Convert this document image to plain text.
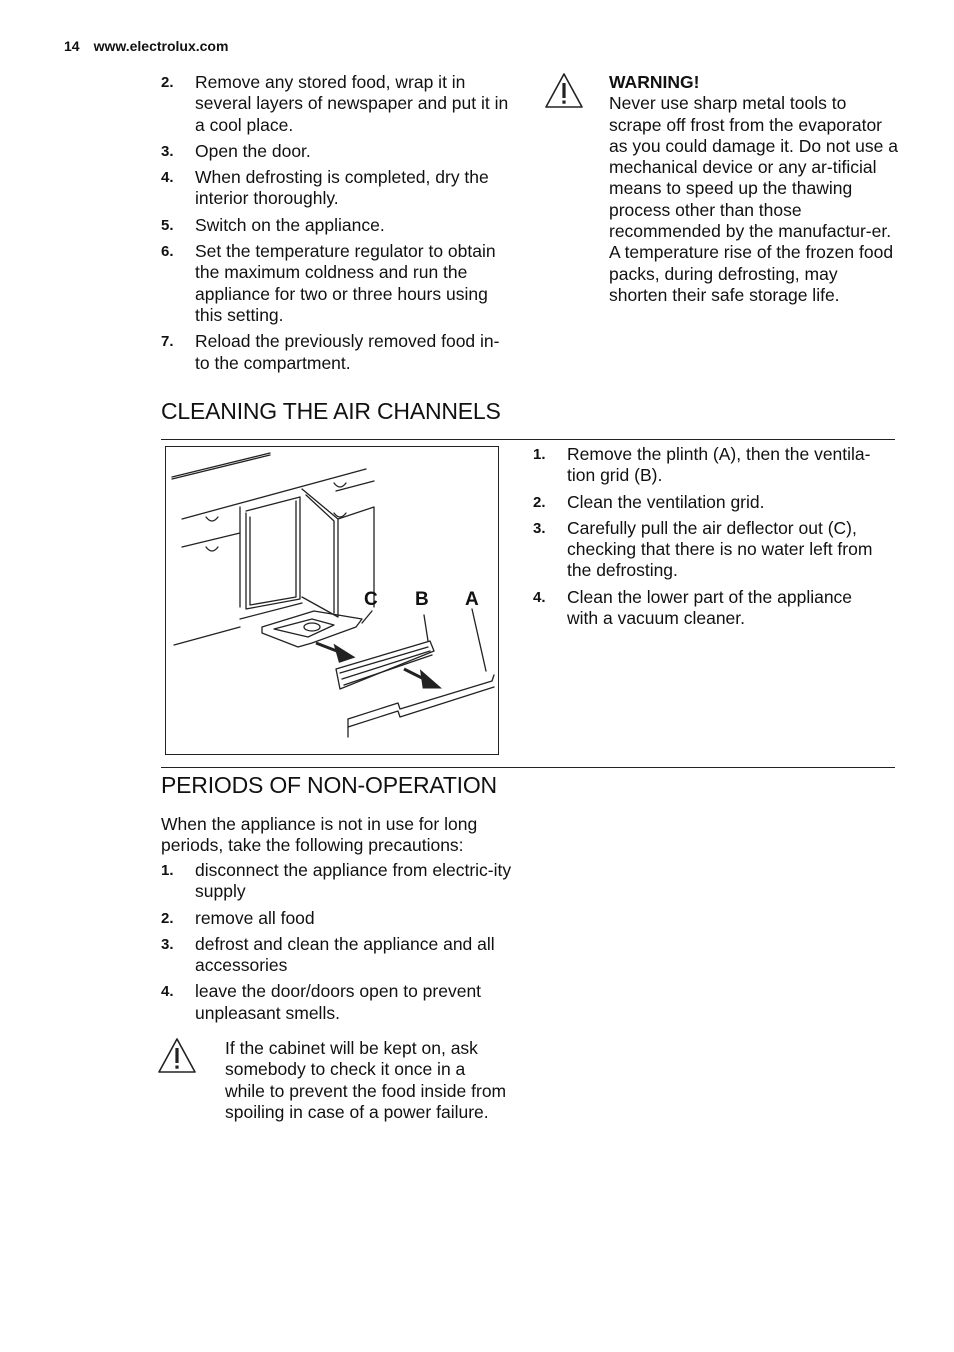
14 www.electrolux.com
2.	Remove any stored food, wrap it in several layers of newspaper and put it in a cool place.
3.	Open the door.
4.	When defrosting is completed, dry the interior thoroughly.
5.	Switch on the appliance.
6.	Set the temperature regulator to obtain the maximum coldness and run the appliance for two or three hours using this setting.
7.	Reload the previously removed food in-to the compartment.
WARNING!
Never use sharp metal tools to scrape off frost from the evaporator as you could damage it. Do not use a mechanical device or any ar-tificial means to speed up the thawing process other than those recommended by the manufactur-er. A temperature rise of the frozen food packs, during defrosting, may shorten their safe storage life.
CLEANING THE AIR CHANNELS
C B A
1.	Remove the plinth (A), then the ventila-tion grid (B).
2.	Clean the ventilation grid.
3.	Carefully pull the air deflector out (C), checking that there is no water left from the defrosting.
4.	Clean the lower part of the appliance with a vacuum cleaner.
PERIODS OF NON-OPERATION
When the appliance is not in use for long periods, take the following precautions:
1.	disconnect the appliance from electric-ity supply
2.	remove all food
3.	defrost and clean the appliance and all accessories
4.	leave the door/doors open to prevent unpleasant smells.
If the cabinet will be kept on, ask somebody to check it once in a while to prevent the food inside from spoiling in case of a power failure.
